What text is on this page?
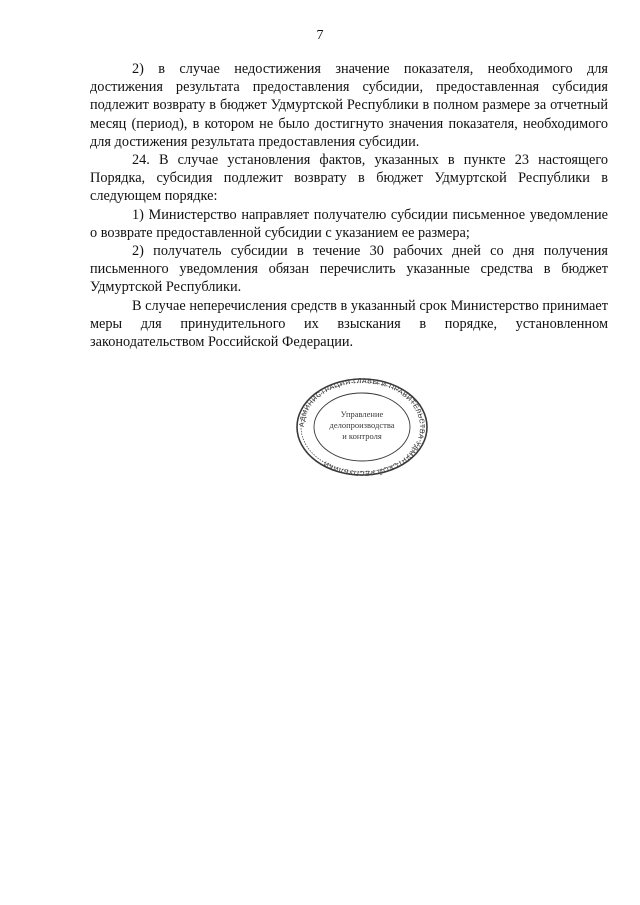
7

2) в случае недостижения значение показателя, необходимого для достижения результата предоставления субсидии, предоставленная субсидия подлежит возврату в бюджет Удмуртской Республики в полном размере за отчетный месяц (период), в котором не было достигнуто значения показателя, необходимого для достижения результата предоставления субсидии.

24. В случае установления фактов, указанных в пункте 23 настоящего Порядка, субсидия подлежит возврату в бюджет Удмуртской Республики в следующем порядке:

1) Министерство направляет получателю субсидии письменное уведомление о возврате предоставленной субсидии с указанием ее размера;

2) получатель субсидии в течение 30 рабочих дней со дня получения письменного уведомления обязан перечислить указанные средства в бюджет Удмуртской Республики.

В случае неперечисления средств в указанный срок Министерство принимает меры для принудительного их взыскания в порядке, установленном законодательством Российской Федерации.

АДМИНИСТРАЦИЯ ГЛАВЫ И ПРАВИТЕЛЬСТВА УДМУРТСКОЙ РЕСПУБЛИКИ
Управление
делопроизводства
и контроля
